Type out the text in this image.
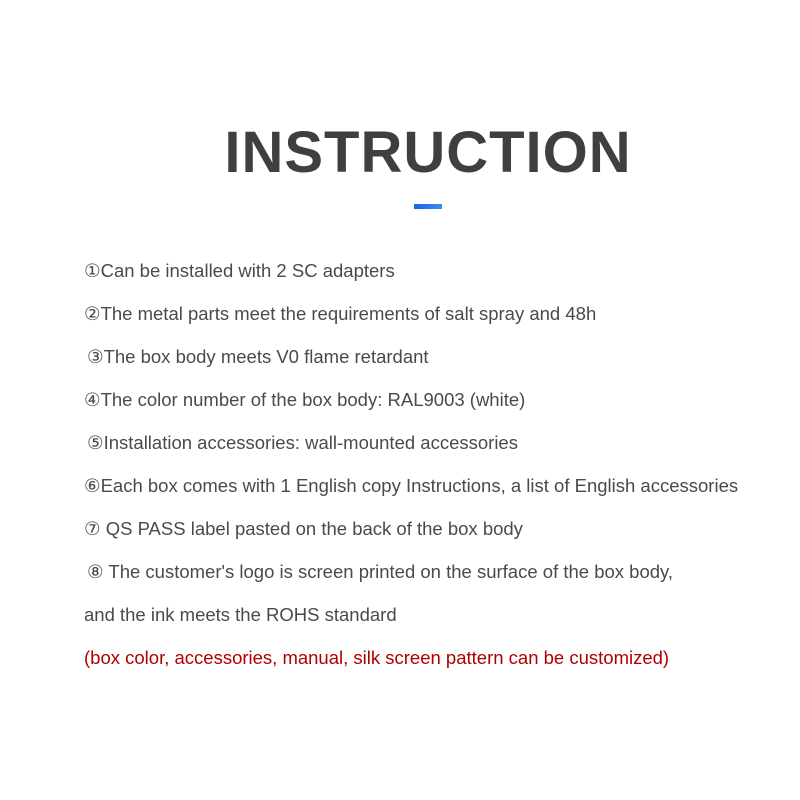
INSTRUCTION
①Can be installed with 2 SC adapters
②The metal parts meet the requirements of salt spray and 48h
③The box body meets V0 flame retardant
④The color number of the box body: RAL9003 (white)
⑤Installation accessories: wall-mounted accessories
⑥Each box comes with 1 English copy Instructions, a list of English accessories
⑦ QS PASS label pasted on the back of the box body
⑧ The customer's logo is screen printed on the surface of the box body,
and the ink meets the ROHS standard
(box color, accessories, manual, silk screen pattern can be customized)
